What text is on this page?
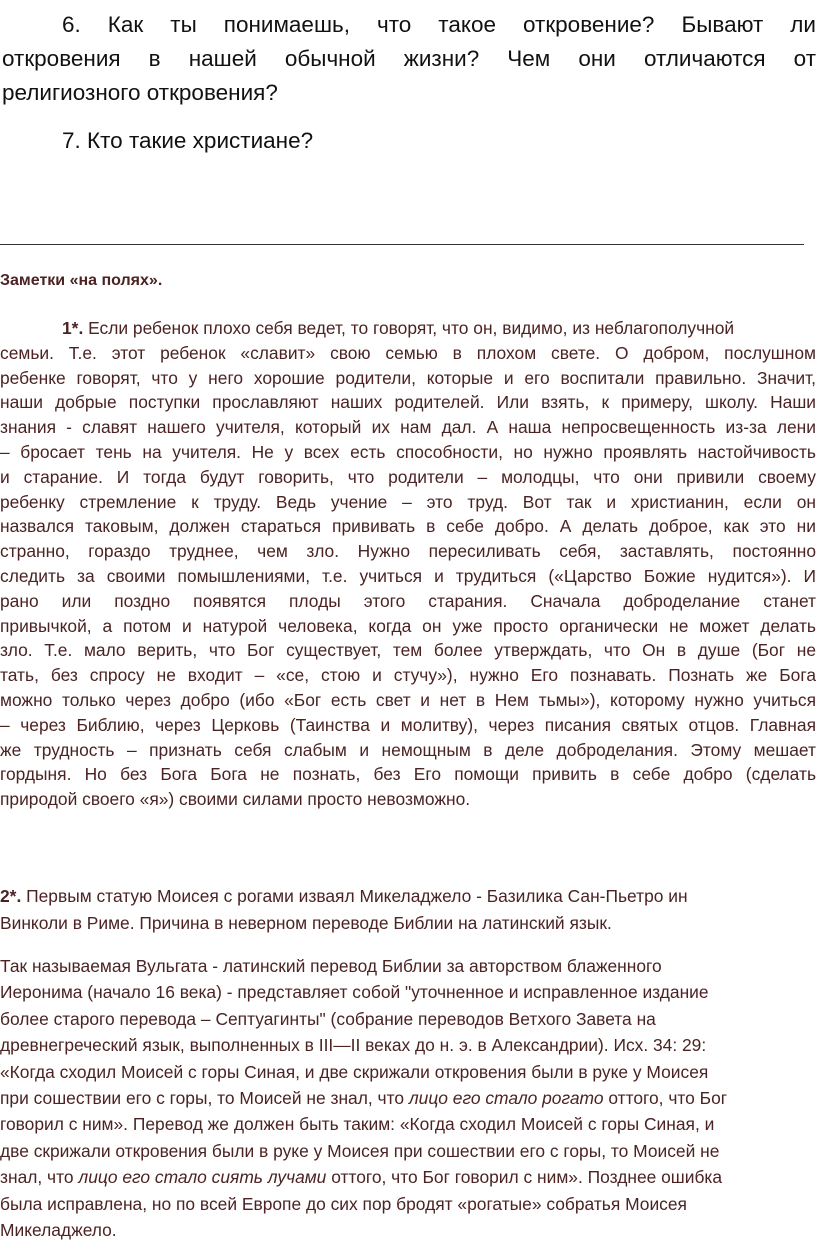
6. Как ты понимаешь, что такое откровение? Бывают ли
откровения в нашей обычной жизни? Чем они отличаются от
религиозного откровения?
7. Кто такие христиане?
Заметки «на полях».
1*. Если ребенок плохо себя ведет, то говорят, что он, видимо, из неблагополучной
семьи. Т.е. этот ребенок «славит» свою семью в плохом свете. О добром, послушном
ребенке говорят, что у него хорошие родители, которые и его воспитали правильно. Значит,
наши добрые поступки прославляют наших родителей. Или взять, к примеру, школу. Наши
знания - славят нашего учителя, который их нам дал. А наша непросвещенность из-за лени
– бросает тень на учителя. Не у всех есть способности, но нужно проявлять настойчивость
и старание. И тогда будут говорить, что родители – молодцы, что они привили своему
ребенку стремление к труду. Ведь учение – это труд. Вот так и христианин, если он
назвался таковым, должен стараться прививать в себе добро. А делать доброе, как это ни
странно, гораздо труднее, чем зло. Нужно пересиливать себя, заставлять, постоянно
следить за своими помышлениями, т.е. учиться и трудиться («Царство Божие нудится»). И
рано или поздно появятся плоды этого старания. Сначала доброделание станет
привычкой, а потом и натурой человека, когда он уже просто органически не может делать
зло. Т.е. мало верить, что Бог существует, тем более утверждать, что Он в душе (Бог не
тать, без спросу не входит – «се, стою и стучу»), нужно Его познавать. Познать же Бога
можно только через добро (ибо «Бог есть свет и нет в Нем тьмы»), которому нужно учиться
– через Библию, через Церковь (Таинства и молитву), через писания святых отцов. Главная
же трудность – признать себя слабым и немощным в деле доброделания. Этому мешает
гордыня. Но без Бога Бога не познать, без Его помощи привить в себе добро (сделать
природой своего «я») своими силами просто невозможно.
2*. Первым статую Моисея с рогами изваял Микеладжело - Базилика Сан-Пьетро ин
Винколи в Риме. Причина в неверном переводе Библии на латинский язык.
Так называемая Вульгата - латинский перевод Библии за авторством блаженного
Иеронима (начало 16 века) - представляет собой "уточненное и исправленное издание
более старого перевода – Септуагинты" (собрание переводов Ветхого Завета на
древнегреческий язык, выполненных в III—II веках до н. э. в Александрии). Исх. 34: 29:
«Когда сходил Моисей с горы Синая, и две скрижали откровения были в руке у Моисея
при сошествии его с горы, то Моисей не знал, что лицо его стало рогато оттого, что Бог
говорил с ним». Перевод же должен быть таким: «Когда сходил Моисей с горы Синая, и
две скрижали откровения были в руке у Моисея при сошествии его с горы, то Моисей не
знал, что лицо его стало сиять лучами оттого, что Бог говорил с ним». Позднее ошибка
была исправлена, но по всей Европе до сих пор бродят «рогатые» собратья Моисея
Микеладжело.
